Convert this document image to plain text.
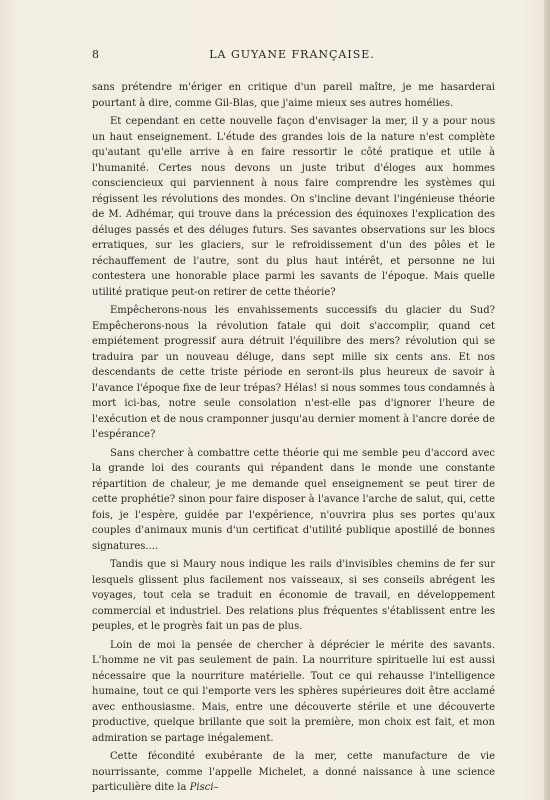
8	LA GUYANE FRANÇAISE.

sans prétendre m'ériger en critique d'un pareil maître, je me hasarderai pourtant à dire, comme Gil-Blas, que j'aime mieux ses autres homélies.

Et cependant en cette nouvelle façon d'envisager la mer, il y a pour nous un haut enseignement. L'étude des grandes lois de la nature n'est complète qu'autant qu'elle arrive à en faire ressortir le côté pratique et utile à l'humanité. Certes nous devons un juste tribut d'éloges aux hommes consciencieux qui parviennent à nous faire comprendre les systèmes qui régissent les révolutions des mondes. On s'incline devant l'ingénieuse théorie de M. Adhémar, qui trouve dans la précession des équinoxes l'explication des déluges passés et des déluges futurs. Ses savantes observations sur les blocs erratiques, sur les glaciers, sur le refroidissement d'un des pôles et le réchauffement de l'autre, sont du plus haut intérêt, et personne ne lui contestera une honorable place parmi les savants de l'époque. Mais quelle utilité pratique peut-on retirer de cette théorie?

Empêcherons-nous les envahissements successifs du glacier du Sud? Empêcherons-nous la révolution fatale qui doit s'accomplir, quand cet empiétement progressif aura détruit l'équilibre des mers? révolution qui se traduira par un nouveau déluge, dans sept mille six cents ans. Et nos descendants de cette triste période en seront-ils plus heureux de savoir à l'avance l'époque fixe de leur trépas? Hélas! si nous sommes tous condamnés à mort ici-bas, notre seule consolation n'est-elle pas d'ignorer l'heure de l'exécution et de nous cramponner jusqu'au dernier moment à l'ancre dorée de l'espérance?

Sans chercher à combattre cette théorie qui me semble peu d'accord avec la grande loi des courants qui répandent dans le monde une constante répartition de chaleur, je me demande quel enseignement se peut tirer de cette prophétie? sinon pour faire disposer à l'avance l'arche de salut, qui, cette fois, je l'espère, guidée par l'expérience, n'ouvrira plus ses portes qu'aux couples d'animaux munis d'un certificat d'utilité publique apostillé de bonnes signatures....

Tandis que si Maury nous indique les rails d'invisibles chemins de fer sur lesquels glissent plus facilement nos vaisseaux, si ses conseils abrégent les voyages, tout cela se traduit en économie de travail, en développement commercial et industriel. Des relations plus fréquentes s'établissent entre les peuples, et le progrès fait un pas de plus.

Loin de moi la pensée de chercher à déprécier le mérite des savants. L'homme ne vit pas seulement de pain. La nourriture spirituelle lui est aussi nécessaire que la nourriture matérielle. Tout ce qui rehausse l'intelligence humaine, tout ce qui l'emporte vers les sphères supérieures doit être acclamé avec enthousiasme. Mais, entre une découverte stérile et une découverte productive, quelque brillante que soit la première, mon choix est fait, et mon admiration se partage inégalement.

Cette fécondité exubérante de la mer, cette manufacture de vie nourrissante, comme l'appelle Michelet, a donné naissance à une science particulière dite la Pisci–
